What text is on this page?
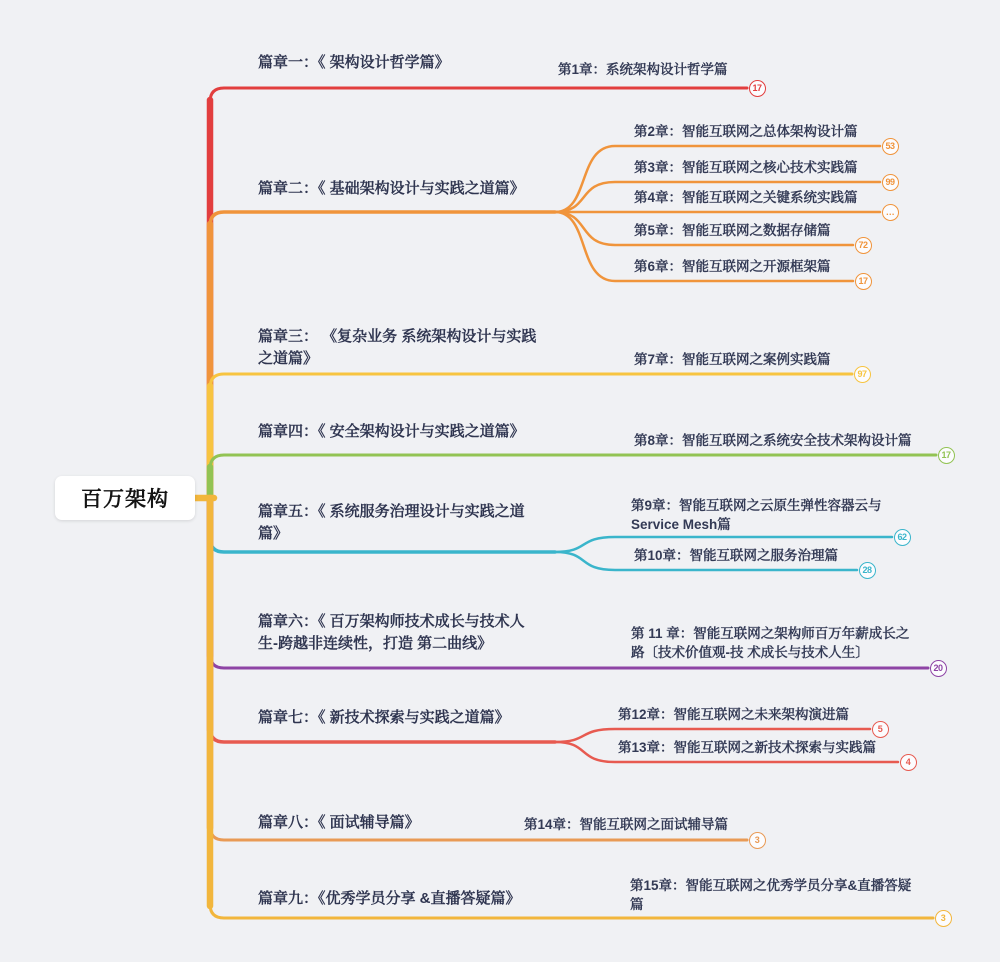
百万架构
篇章一：《 架构设计哲学篇》	第1章：系统架构设计哲学篇
17
篇章二：《 基础架构设计与实践之道篇》
第2章：智能互联网之总体架构设计篇
53
第3章：智能互联网之核心技术实践篇
99
第4章：智能互联网之关键系统实践篇
…
第5章：智能互联网之数据存储篇
72
第6章：智能互联网之开源框架篇
17
篇章三： 《复杂业务 系统架构设计与实践
之道篇》	第7章：智能互联网之案例实践篇
97
篇章四：《 安全架构设计与实践之道篇》
第8章：智能互联网之系统安全技术架构设计篇
17
篇章五：《 系统服务治理设计与实践之道
篇》
第9章：智能互联网之云原生弹性容器云与
Service Mesh篇
62
第10章：智能互联网之服务治理篇
28
篇章六：《 百万架构师技术成长与技术人
生-跨越非连续性，打造 第二曲线》
第 11 章：智能互联网之架构师百万年薪成长之
路〔技术价值观-技 术成长与技术人生〕
20
篇章七：《 新技术探索与实践之道篇》	第12章：智能互联网之未来架构演进篇
5
第13章：智能互联网之新技术探索与实践篇
4
篇章八：《 面试辅导篇》	第14章：智能互联网之面试辅导篇
3
篇章九：《优秀学员分享 &直播答疑篇》
第15章：智能互联网之优秀学员分享&直播答疑
篇
3
